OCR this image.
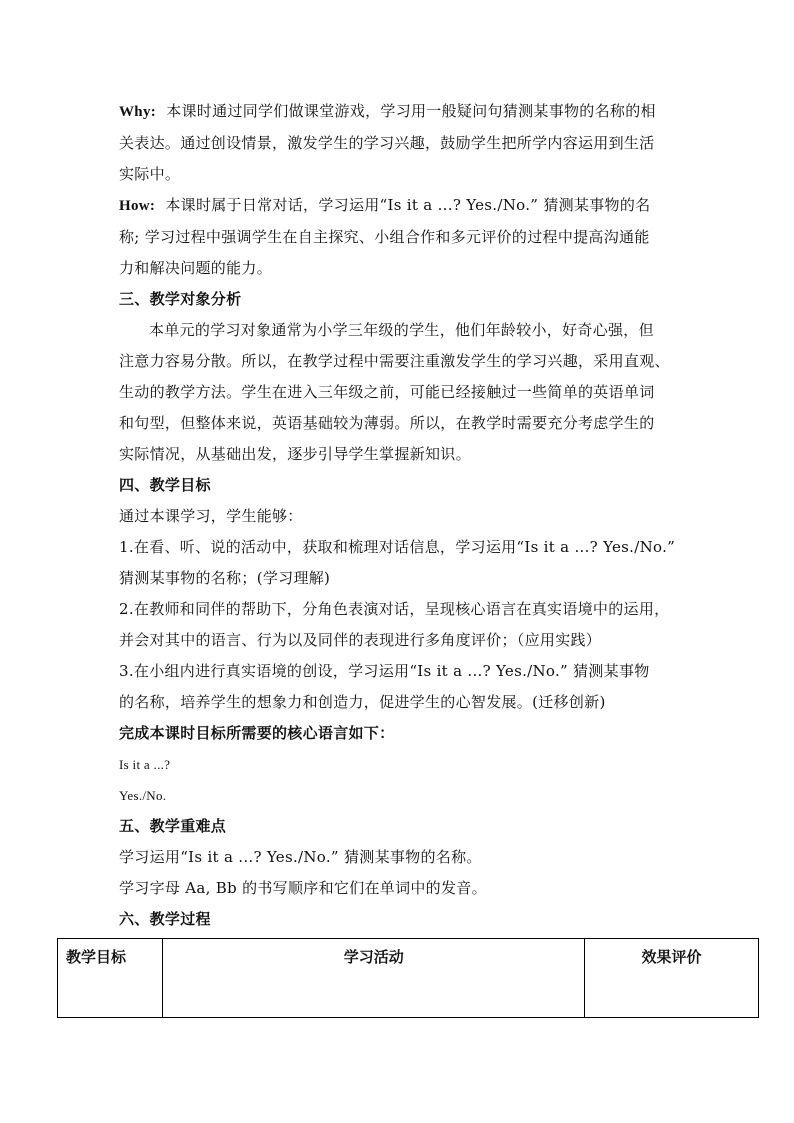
Why: 本课时通过同学们做课堂游戏，学习用一般疑问句猜测某事物的名称的相

关表达。通过创设情景，激发学生的学习兴趣，鼓励学生把所学内容运用到生活

实际中。

How: 本课时属于日常对话，学习运用“Is it a ...? Yes./No.” 猜测某事物的名

称; 学习过程中强调学生在自主探究、小组合作和多元评价的过程中提高沟通能

力和解决问题的能力。

三、教学对象分析

本单元的学习对象通常为小学三年级的学生，他们年龄较小，好奇心强，但

注意力容易分散。所以，在教学过程中需要注重激发学生的学习兴趣，采用直观、

生动的教学方法。学生在进入三年级之前，可能已经接触过一些简单的英语单词

和句型，但整体来说，英语基础较为薄弱。所以，在教学时需要充分考虑学生的

实际情况，从基础出发，逐步引导学生掌握新知识。

四、教学目标

通过本课学习，学生能够：

1.在看、听、说的活动中，获取和梳理对话信息，学习运用“Is it a ...? Yes./No.”

猜测某事物的名称；(学习理解)

2.在教师和同伴的帮助下，分角色表演对话，呈现核心语言在真实语境中的运用，

并会对其中的语言、行为以及同伴的表现进行多角度评价；（应用实践）

3.在小组内进行真实语境的创设，学习运用“Is it a ...? Yes./No.” 猜测某事物

的名称，培养学生的想象力和创造力，促进学生的心智发展。(迁移创新)

完成本课时目标所需要的核心语言如下：

Is it a ...?

Yes./No.

五、教学重难点

学习运用“Is it a ...? Yes./No.” 猜测某事物的名称。

学习字母 Aa, Bb 的书写顺序和它们在单词中的发音。

六、教学过程

教学目标	学习活动	效果评价
